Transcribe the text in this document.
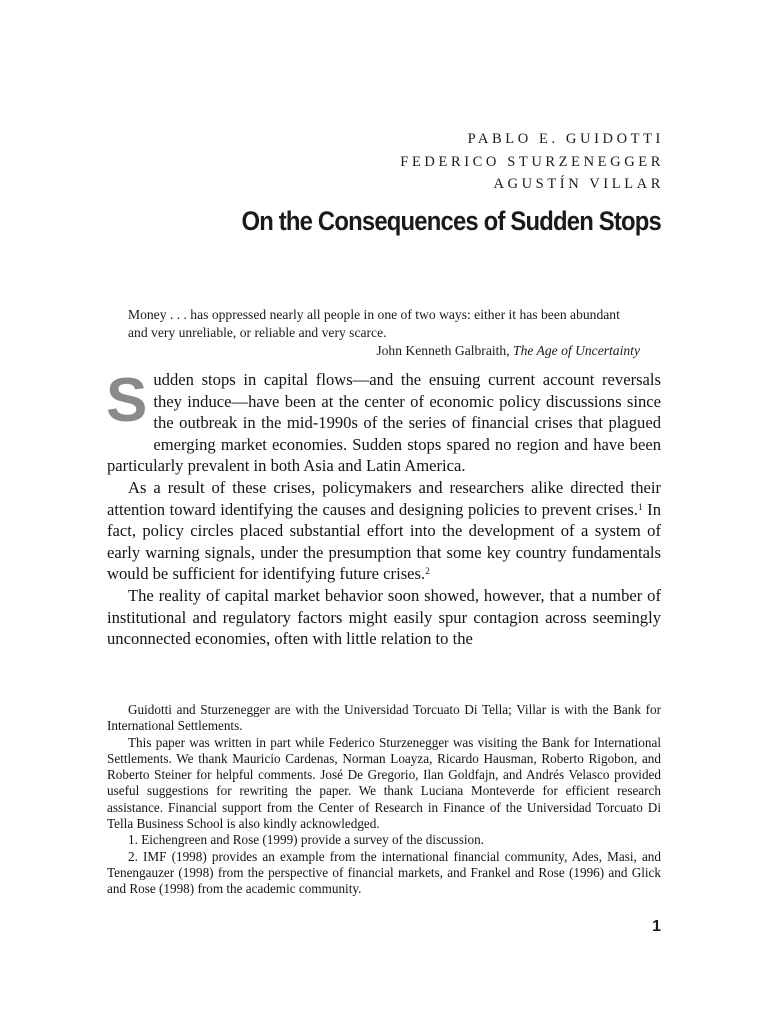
PABLO E. GUIDOTTI
FEDERICO STURZENEGGER
AGUSTÍN VILLAR
On the Consequences of Sudden Stops

Money . . . has oppressed nearly all people in one of two ways: either it has been abundant and very unreliable, or reliable and very scarce.

John Kenneth Galbraith, The Age of Uncertainty

Sudden stops in capital flows—and the ensuing current account reversals they induce—have been at the center of economic policy discussions since the outbreak in the mid-1990s of the series of financial crises that plagued emerging market economies. Sudden stops spared no region and have been particularly prevalent in both Asia and Latin America.

As a result of these crises, policymakers and researchers alike directed their attention toward identifying the causes and designing policies to prevent crises.$^1$ In fact, policy circles placed substantial effort into the development of a system of early warning signals, under the presumption that some key country fundamentals would be sufficient for identifying future crises.$^2$

The reality of capital market behavior soon showed, however, that a number of institutional and regulatory factors might easily spur contagion across seemingly unconnected economies, often with little relation to the

Guidotti and Sturzenegger are with the Universidad Torcuato Di Tella; Villar is with the Bank for International Settlements.

This paper was written in part while Federico Sturzenegger was visiting the Bank for International Settlements. We thank Mauricio Cardenas, Norman Loayza, Ricardo Hausman, Roberto Rigobon, and Roberto Steiner for helpful comments. José De Gregorio, Ilan Goldfajn, and Andrés Velasco provided useful suggestions for rewriting the paper. We thank Luciana Monteverde for efficient research assistance. Financial support from the Center of Research in Finance of the Universidad Torcuato Di Tella Business School is also kindly acknowledged.

1. Eichengreen and Rose (1999) provide a survey of the discussion.

2. IMF (1998) provides an example from the international financial community, Ades, Masi, and Tenengauzer (1998) from the perspective of financial markets, and Frankel and Rose (1996) and Glick and Rose (1998) from the academic community.

1
